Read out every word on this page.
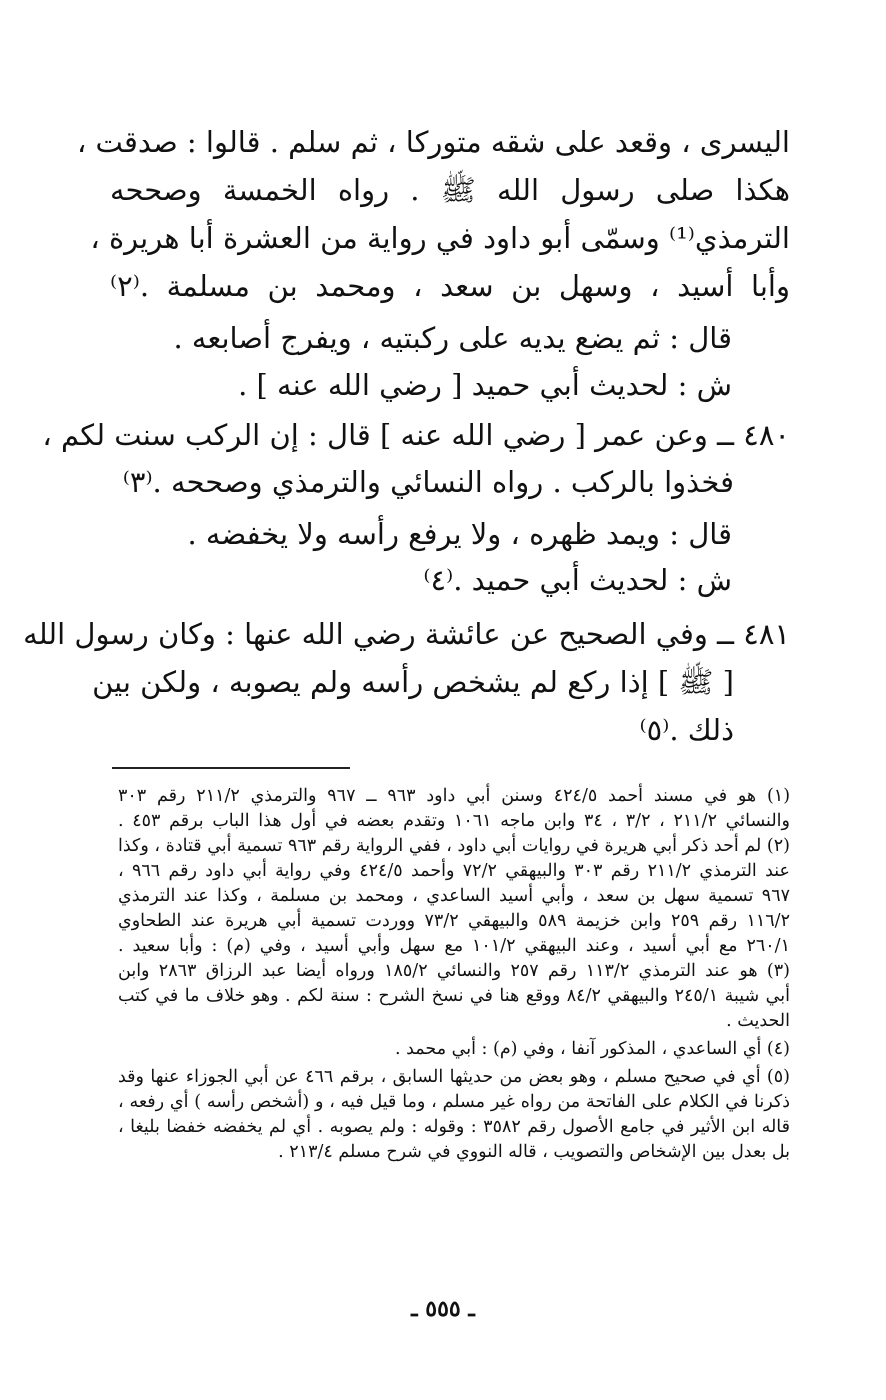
اليسرى ، وقعد على شقه متوركا ، ثم سلم . قالوا : صدقت ،
هكذا صلى رسول الله ﷺ . رواه الخمسة وصححه
الترمذي⁽¹⁾ وسمّى أبو داود في رواية من العشرة أبا هريرة ،
وأبا أسيد ، وسهل بن سعد ، ومحمد بن مسلمة .⁽٢⁾
قال : ثم يضع يديه على ركبتيه ، ويفرج أصابعه .
ش : لحديث أبي حميد [ رضي الله عنه ] .
٤٨٠ ــ وعن عمر [ رضي الله عنه ] قال : إن الركب سنت لكم ،
فخذوا بالركب . رواه النسائي والترمذي وصححه .⁽٣⁾
قال : ويمد ظهره ، ولا يرفع رأسه ولا يخفضه .
ش : لحديث أبي حميد .⁽٤⁾
٤٨١ ــ وفي الصحيح عن عائشة رضي الله عنها : وكان رسول الله
[ ﷺ ] إذا ركع لم يشخص رأسه ولم يصوبه ، ولكن بين
ذلك .⁽٥⁾
(١) هو في مسند أحمد ٤٢٤/٥ وسنن أبي داود ٩٦٣ ــ ٩٦٧ والترمذي ٢١١/٢ رقم ٣٠٣
والنسائي ٢١١/٢ ، ٣/٢ ، ٣٤ وابن ماجه ١٠٦١ وتقدم بعضه في أول هذا الباب برقم ٤٥٣ .
(٢) لم أحد ذكر أبي هريرة في روايات أبي داود ، ففي الرواية رقم ٩٦٣ تسمية أبي قتادة ، وكذا
عند الترمذي ٢١١/٢ رقم ٣٠٣ والبيهقي ٧٢/٢ وأحمد ٤٢٤/٥ وفي رواية أبي داود رقم ٩٦٦ ،
٩٦٧ تسمية سهل بن سعد ، وأبي أسيد الساعدي ، ومحمد بن مسلمة ، وكذا عند الترمذي
١١٦/٢ رقم ٢٥٩ وابن خزيمة ٥٨٩ والبيهقي ٧٣/٢ ووردت تسمية أبي هريرة عند الطحاوي
٢٦٠/١ مع أبي أسيد ، وعند البيهقي ١٠١/٢ مع سهل وأبي أسيد ، وفي (م) : وأبا سعيد .
(٣) هو عند الترمذي ١١٣/٢ رقم ٢٥٧ والنسائي ١٨٥/٢ ورواه أيضا عبد الرزاق ٢٨٦٣ وابن
أبي شيبة ٢٤٥/١ والبيهقي ٨٤/٢ ووقع هنا في نسخ الشرح : سنة لكم . وهو خلاف ما في كتب
الحديث .
(٤) أي الساعدي ، المذكور آنفا ، وفي (م) : أبي محمد .
(٥) أي في صحيح مسلم ، وهو بعض من حديثها السابق ، برقم ٤٦٦ عن أبي الجوزاء عنها وقد
ذكرنا في الكلام على الفاتحة من رواه غير مسلم ، وما قيل فيه ، و (أشخص رأسه ) أي رفعه ،
قاله ابن الأثير في جامع الأصول رقم ٣٥٨٢ : وقوله : ولم يصوبه . أي لم يخفضه خفضا بليغا ،
بل بعدل بين الإشخاص والتصويب ، قاله النووي في شرح مسلم ٢١٣/٤ .
ـ ٥٥٥ ـ
